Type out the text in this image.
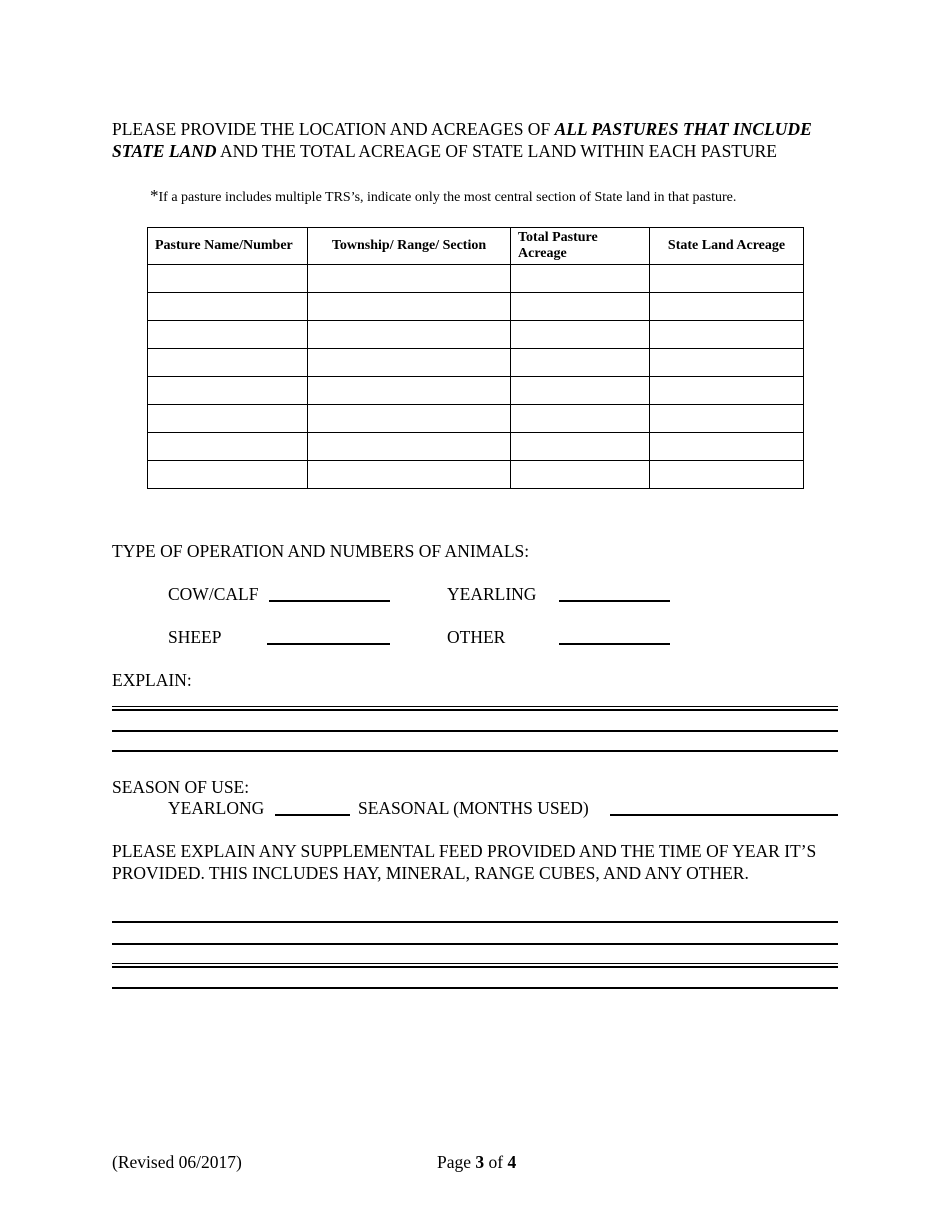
PLEASE PROVIDE THE LOCATION AND ACREAGES OF ALL PASTURES THAT INCLUDE STATE LAND AND THE TOTAL ACREAGE OF STATE LAND WITHIN EACH PASTURE
*If a pasture includes multiple TRS’s, indicate only the most central section of State land in that pasture.
Pasture Name/Number	Township/ Range/ Section	Total Pasture Acreage	State Land Acreage

TYPE OF OPERATION AND NUMBERS OF ANIMALS:
COW/CALF	YEARLING
SHEEP	OTHER
EXPLAIN:
SEASON OF USE:
YEARLONG	SEASONAL (MONTHS USED)
PLEASE EXPLAIN ANY SUPPLEMENTAL FEED PROVIDED AND THE TIME OF YEAR IT’S PROVIDED. THIS INCLUDES HAY, MINERAL, RANGE CUBES, AND ANY OTHER.
(Revised 06/2017)	Page 3 of 4
